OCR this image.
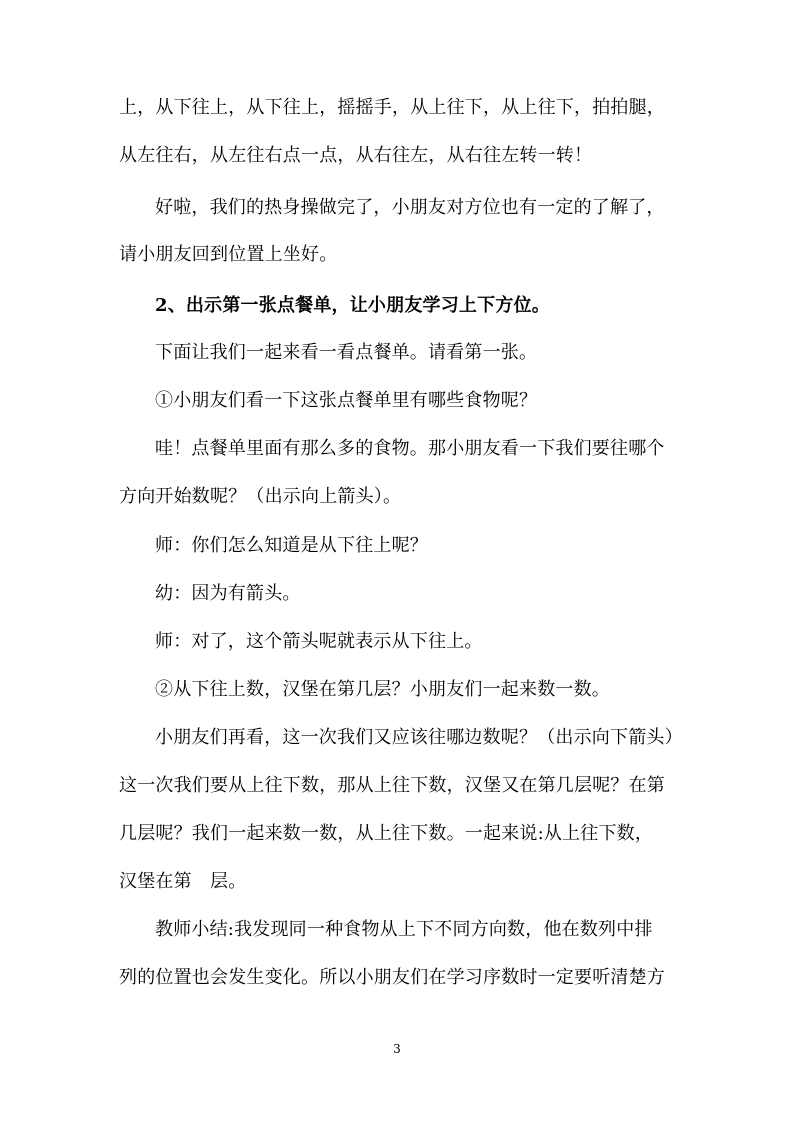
上，从下往上，从下往上，摇摇手，从上往下，从上往下，拍拍腿，
从左往右，从左往右点一点，从右往左，从右往左转一转！
好啦，我们的热身操做完了，小朋友对方位也有一定的了解了，
请小朋友回到位置上坐好。
2、出示第一张点餐单，让小朋友学习上下方位。
下面让我们一起来看一看点餐单。请看第一张。
①小朋友们看一下这张点餐单里有哪些食物呢？
哇！点餐单里面有那么多的食物。那小朋友看一下我们要往哪个
方向开始数呢？（出示向上箭头）。
师：你们怎么知道是从下往上呢？
幼：因为有箭头。
师：对了，这个箭头呢就表示从下往上。
②从下往上数，汉堡在第几层？小朋友们一起来数一数。
小朋友们再看，这一次我们又应该往哪边数呢？（出示向下箭头）
这一次我们要从上往下数，那从上往下数，汉堡又在第几层呢？在第
几层呢？我们一起来数一数，从上往下数。一起来说:从上往下数，
汉堡在第　层。
教师小结:我发现同一种食物从上下不同方向数，他在数列中排
列的位置也会发生变化。所以小朋友们在学习序数时一定要听清楚方
3
